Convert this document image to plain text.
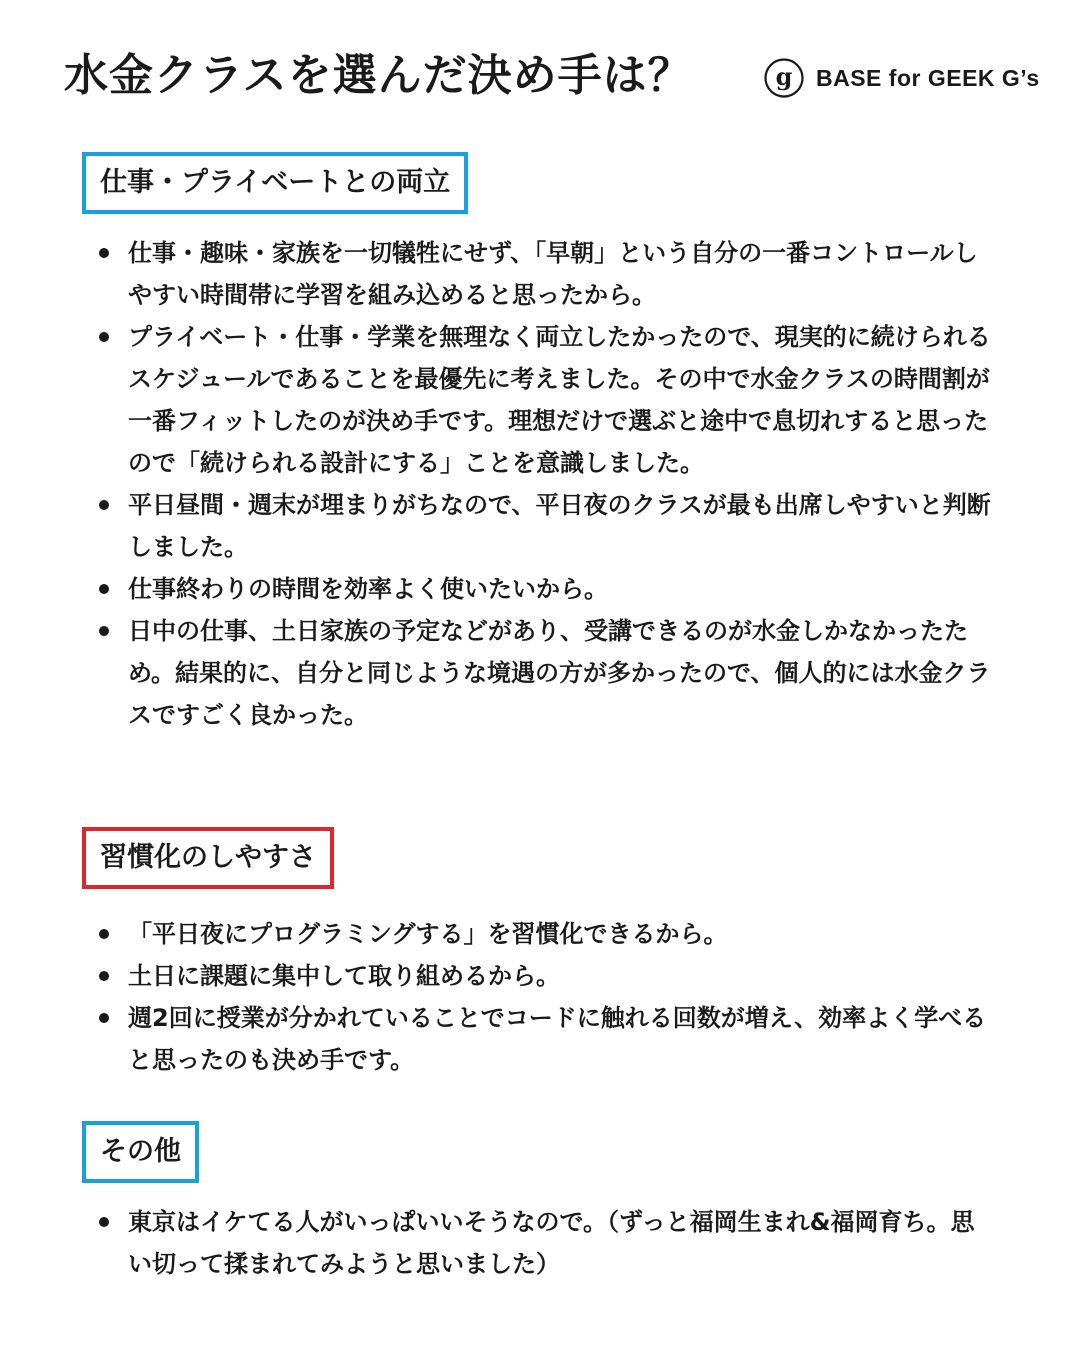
水金クラスを選んだ決め手は？	g BASE for GEEK G’s
仕事・プライベートとの両立
仕事・趣味・家族を一切犠牲にせず、「早朝」という自分の一番コントロールしやすい時間帯に学習を組み込めると思ったから。
プライベート・仕事・学業を無理なく両立したかったので、現実的に続けられるスケジュールであることを最優先に考えました。その中で水金クラスの時間割が一番フィットしたのが決め手です。理想だけで選ぶと途中で息切れすると思ったので「続けられる設計にする」ことを意識しました。
平日昼間・週末が埋まりがちなので、平日夜のクラスが最も出席しやすいと判断しました。
仕事終わりの時間を効率よく使いたいから。
日中の仕事、土日家族の予定などがあり、受講できるのが水金しかなかったため。結果的に、自分と同じような境遇の方が多かったので、個人的には水金クラスですごく良かった。
習慣化のしやすさ
「平日夜にプログラミングする」を習慣化できるから。
土日に課題に集中して取り組めるから。
週2回に授業が分かれていることでコードに触れる回数が増え、効率よく学べると思ったのも決め手です。
その他
東京はイケてる人がいっぱいいそうなので。（ずっと福岡生まれ&福岡育ち。思い切って揉まれてみようと思いました）
